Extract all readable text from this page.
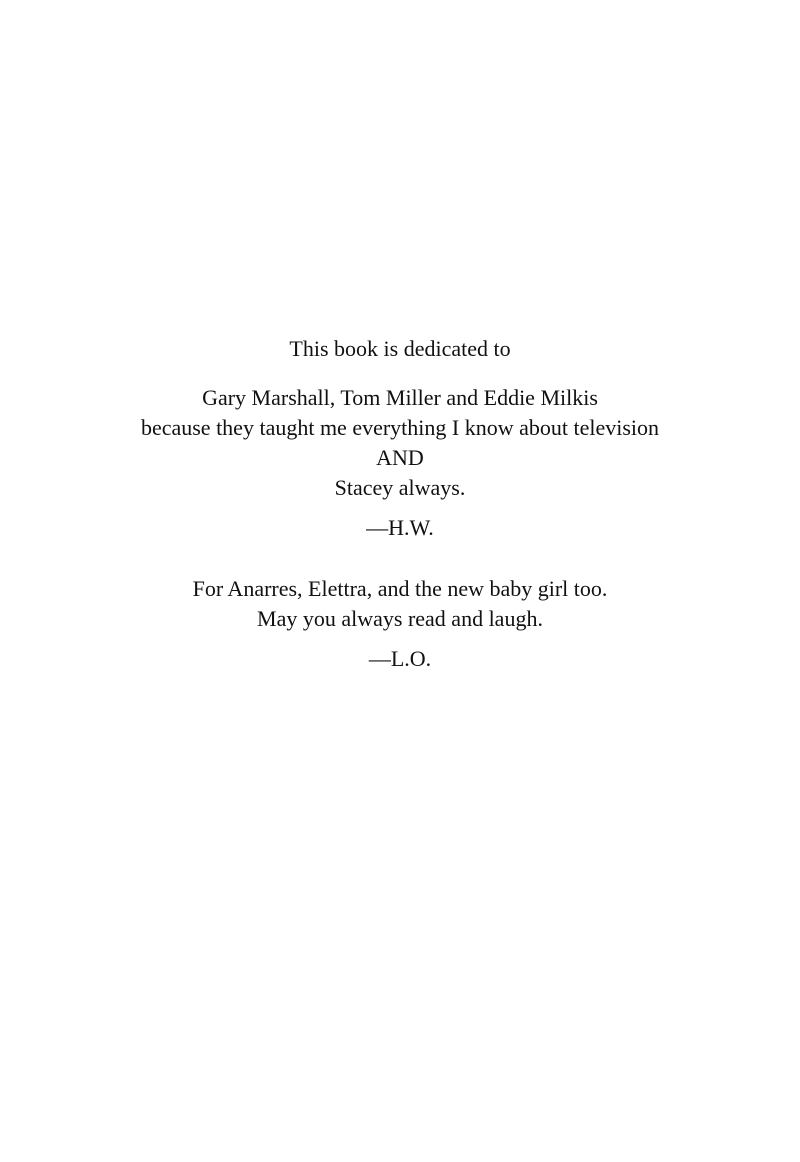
This book is dedicated to
Gary Marshall, Tom Miller and Eddie Milkis
because they taught me everything I know about television
AND
Stacey always.
—H.W.
For Anarres, Elettra, and the new baby girl too.
May you always read and laugh.
—L.O.
